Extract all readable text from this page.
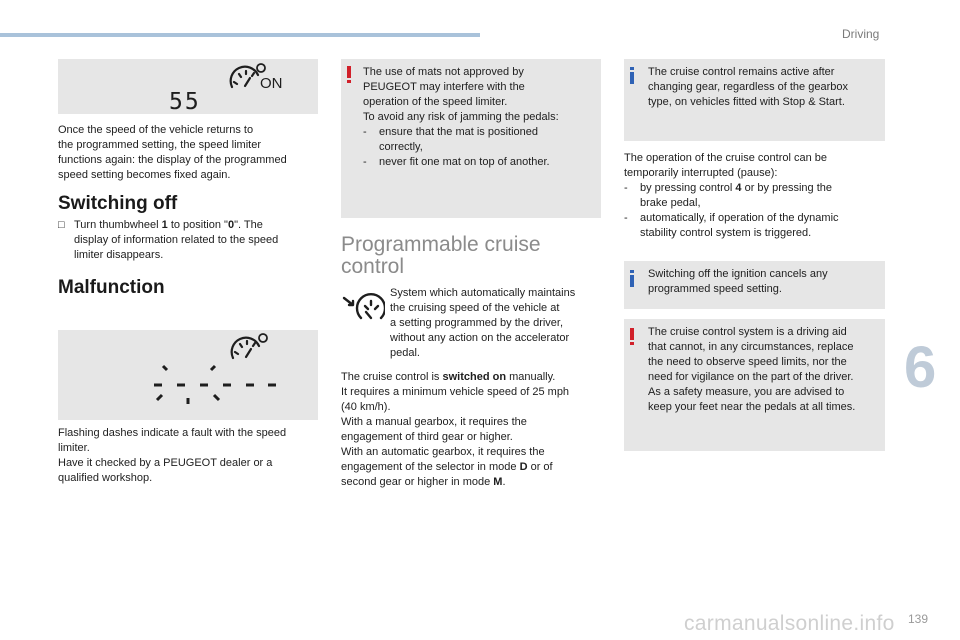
Driving
6
139
carmanualsonline.info
ON
55

Once the speed of the vehicle returns to

the programmed setting, the speed limiter

functions again: the display of the programmed

speed setting becomes fixed again.

Switching off
□ Turn thumbwheel 1 to position "0". The

display of information related to the speed

limiter disappears.

Malfunction

Flashing dashes indicate a fault with the speed

limiter.

Have it checked by a PEUGEOT dealer or a

qualified workshop.

The use of mats not approved by

PEUGEOT may interfere with the

operation of the speed limiter.

To avoid any risk of jamming the pedals:

-	ensure that the mat is positioned

correctly,

-	never fit one mat on top of another.

Programmable cruise

control

System which automatically maintains

the cruising speed of the vehicle at

a setting programmed by the driver,

without any action on the accelerator

pedal.

The cruise control is switched on manually.

It requires a minimum vehicle speed of 25 mph

(40 km/h).

With a manual gearbox, it requires the

engagement of third gear or higher.

With an automatic gearbox, it requires the

engagement of the selector in mode D or of

second gear or higher in mode M.

The cruise control remains active after

changing gear, regardless of the gearbox

type, on vehicles fitted with Stop & Start.

The operation of the cruise control can be

temporarily interrupted (pause):

-	by pressing control 4 or by pressing the

brake pedal,

-	automatically, if operation of the dynamic

stability control system is triggered.

Switching off the ignition cancels any

programmed speed setting.

The cruise control system is a driving aid

that cannot, in any circumstances, replace

the need to observe speed limits, nor the

need for vigilance on the part of the driver.

As a safety measure, you are advised to

keep your feet near the pedals at all times.
